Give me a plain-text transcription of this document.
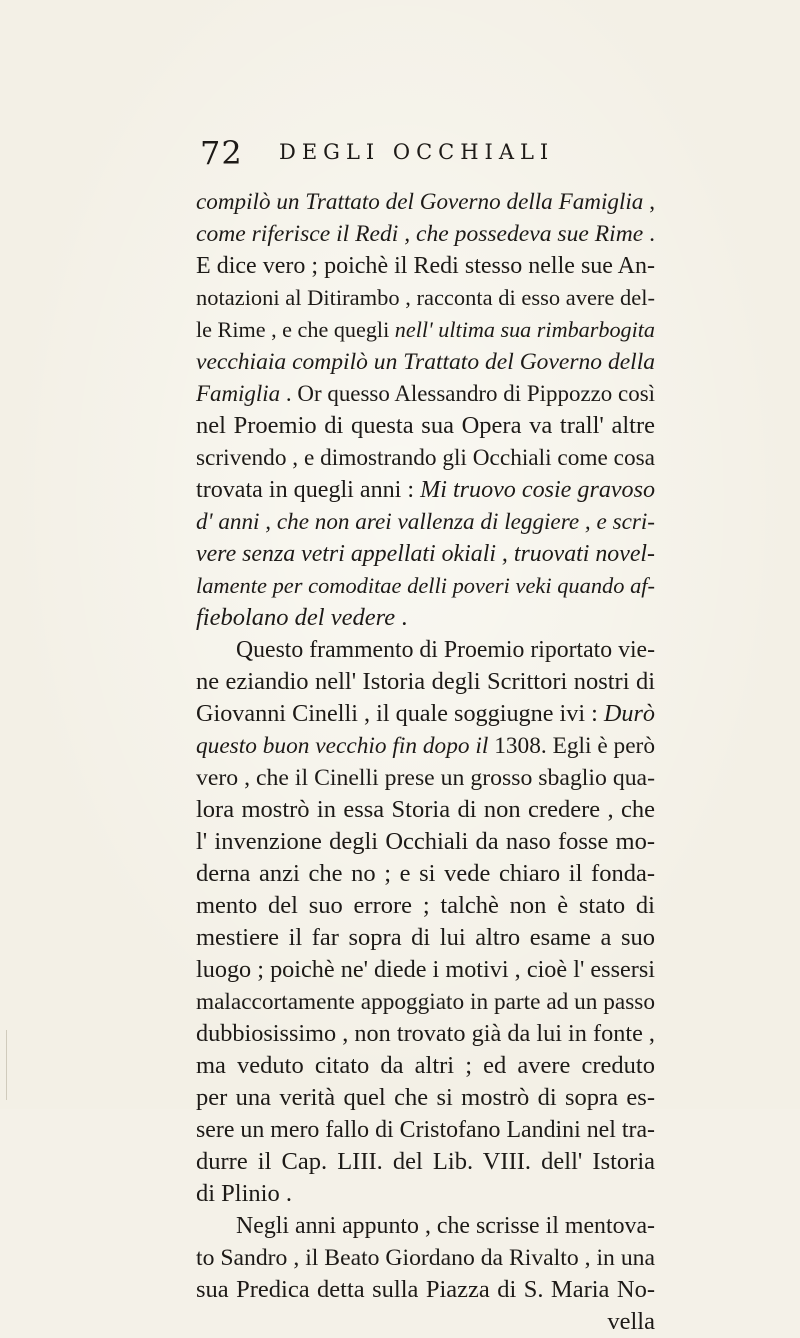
72 DEGLI OCCHIALI
compilò un Trattato del Governo della Famiglia ,
come riferisce il Redi , che possedeva sue Rime .
E dice vero ; poichè il Redi stesso nelle sue An-
notazioni al Ditirambo , racconta di esso avere del-
le Rime , e che quegli nell' ultima sua rimbarbogita
vecchiaia compilò un Trattato del Governo della
Famiglia . Or quesso Alessandro di Pippozzo così
nel Proemio di questa sua Opera va trall' altre
scrivendo , e dimostrando gli Occhiali come cosa
trovata in quegli anni : Mi truovo cosie gravoso
d' anni , che non arei vallenza di leggiere , e scri-
vere senza vetri appellati okiali , truovati novel-
lamente per comoditae delli poveri veki quando af-
fiebolano del vedere .
Questo frammento di Proemio riportato vie-
ne eziandio nell' Istoria degli Scrittori nostri di
Giovanni Cinelli , il quale soggiugne ivi : Durò
questo buon vecchio fin dopo il 1308. Egli è però
vero , che il Cinelli prese un grosso sbaglio qua-
lora mostrò in essa Storia di non credere , che
l' invenzione degli Occhiali da naso fosse mo-
derna anzi che no ; e si vede chiaro il fonda-
mento del suo errore ; talchè non è stato di
mestiere il far sopra di lui altro esame a suo
luogo ; poichè ne' diede i motivi , cioè l' essersi
malaccortamente appoggiato in parte ad un passo
dubbiosissimo , non trovato già da lui in fonte ,
ma veduto citato da altri ; ed avere creduto
per una verità quel che si mostrò di sopra es-
sere un mero fallo di Cristofano Landini nel tra-
durre il Cap. LIII. del Lib. VIII. dell' Istoria
di Plinio .
Negli anni appunto , che scrisse il mentova-
to Sandro , il Beato Giordano da Rivalto , in una
sua Predica detta sulla Piazza di S. Maria No-
vella
